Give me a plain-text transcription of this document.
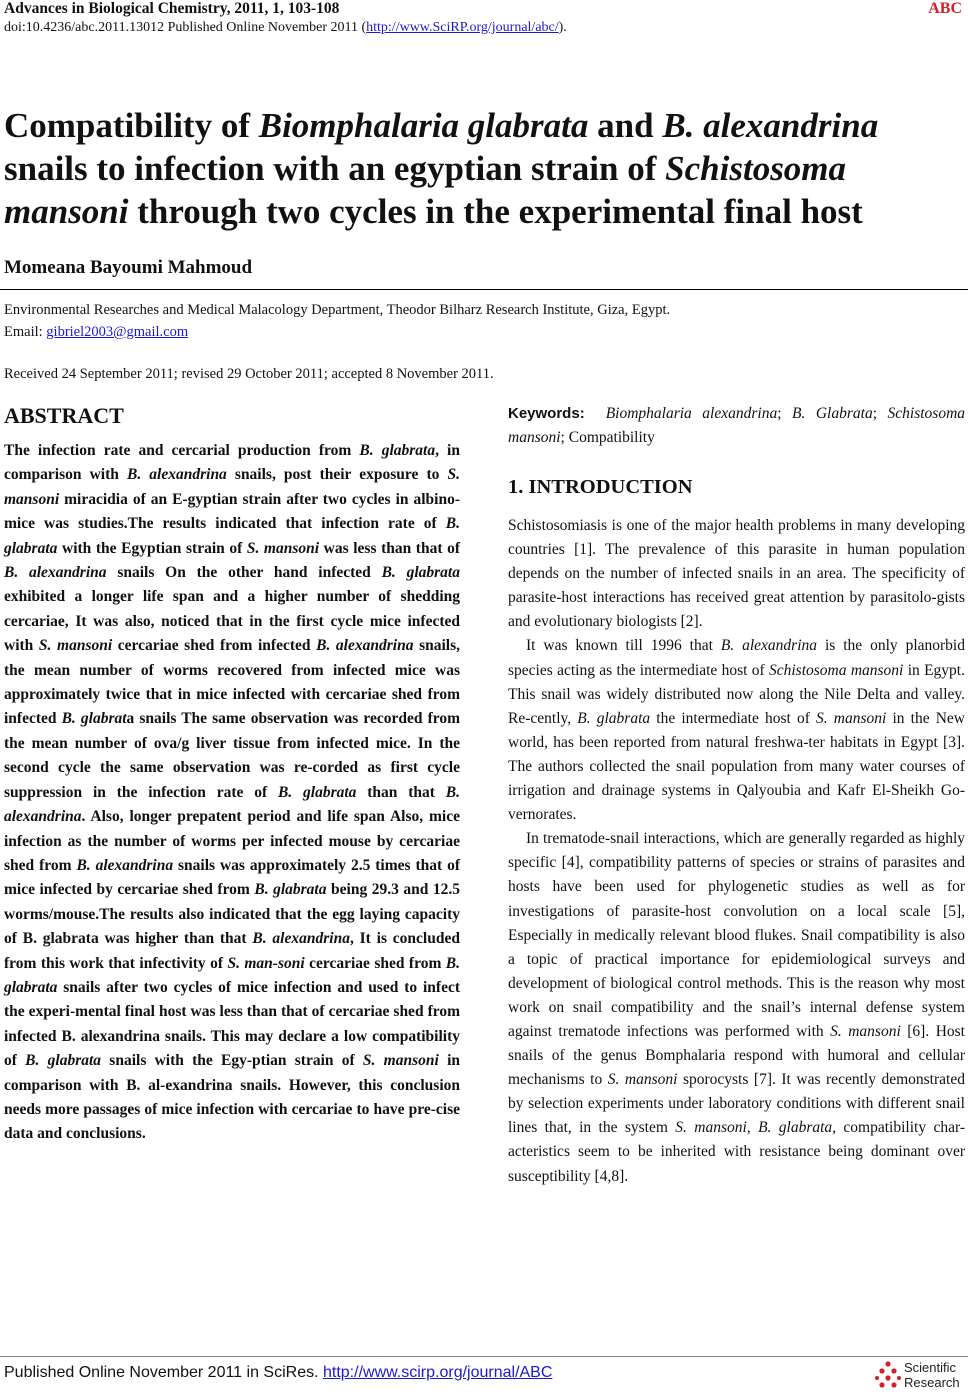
Advances in Biological Chemistry, 2011, 1, 103-108
doi:10.4236/abc.2011.13012 Published Online November 2011 (http://www.SciRP.org/journal/abc/).
ABC
Compatibility of Biomphalaria glabrata and B. alexandrina
snails to infection with an egyptian strain of Schistosoma
mansoni through two cycles in the experimental final host
Momeana Bayoumi Mahmoud
Environmental Researches and Medical Malacology Department, Theodor Bilharz Research Institute, Giza, Egypt.
Email: gibriel2003@gmail.com
Received 24 September 2011; revised 29 October 2011; accepted 8 November 2011.
ABSTRACT

The infection rate and cercarial production from B. glabrata, in comparison with B. alexandrina snails, post their exposure to S. mansoni miracidia of an E-gyptian strain after two cycles in albino-mice was studies.The results indicated that infection rate of B. glabrata with the Egyptian strain of S. mansoni was less than that of B. alexandrina snails On the other hand infected B. glabrata exhibited a longer life span and a higher number of shedding cercariae, It was also, noticed that in the first cycle mice infected with S. mansoni cercariae shed from infected B. alexandrina snails, the mean number of worms recovered from infected mice was approximately twice that in mice infected with cercariae shed from infected B. glabrata snails The same observation was recorded from the mean number of ova/g liver tissue from infected mice. In the second cycle the same observation was re-corded as first cycle suppression in the infection rate of B. glabrata than that B. alexandrina. Also, longer prepatent period and life span Also, mice infection as the number of worms per infected mouse by cercariae shed from B. alexandrina snails was approximately 2.5 times that of mice infected by cercariae shed from B. glabrata being 29.3 and 12.5 worms/mouse.The results also indicated that the egg laying capacity of B. glabrata was higher than that B. alexandrina, It is concluded from this work that infectivity of S. man-soni cercariae shed from B. glabrata snails after two cycles of mice infection and used to infect the experi-mental final host was less than that of cercariae shed from infected B. alexandrina snails. This may declare a low compatibility of B. glabrata snails with the Egy-ptian strain of S. mansoni in comparison with B. al-exandrina snails. However, this conclusion needs more passages of mice infection with cercariae to have pre-cise data and conclusions.

Keywords: Biomphalaria alexandrina; B. Glabrata; Schistosoma mansoni; Compatibility

1. INTRODUCTION

Schistosomiasis is one of the major health problems in many developing countries [1]. The prevalence of this parasite in human population depends on the number of infected snails in an area. The specificity of parasite-host interactions has received great attention by parasitolo-gists and evolutionary biologists [2].

It was known till 1996 that B. alexandrina is the only planorbid species acting as the intermediate host of Schistosoma mansoni in Egypt. This snail was widely distributed now along the Nile Delta and valley. Re-cently, B. glabrata the intermediate host of S. mansoni in the New world, has been reported from natural freshwa-ter habitats in Egypt [3]. The authors collected the snail population from many water courses of irrigation and drainage systems in Qalyoubia and Kafr El-Sheikh Go-vernorates.

In trematode-snail interactions, which are generally regarded as highly specific [4], compatibility patterns of species or strains of parasites and hosts have been used for phylogenetic studies as well as for investigations of parasite-host convolution on a local scale [5], Especially in medically relevant blood flukes. Snail compatibility is also a topic of practical importance for epidemiological surveys and development of biological control methods. This is the reason why most work on snail compatibility and the snail’s internal defense system against trematode infections was performed with S. mansoni [6]. Host snails of the genus Bomphalaria respond with humoral and cellular mechanisms to S. mansoni sporocysts [7]. It was recently demonstrated by selection experiments under laboratory conditions with different snail lines that, in the system S. mansoni, B. glabrata, compatibility char-acteristics seem to be inherited with resistance being dominant over susceptibility [4,8].

Published Online November 2011 in SciRes. http://www.scirp.org/journal/ABC	Scientific
Research
